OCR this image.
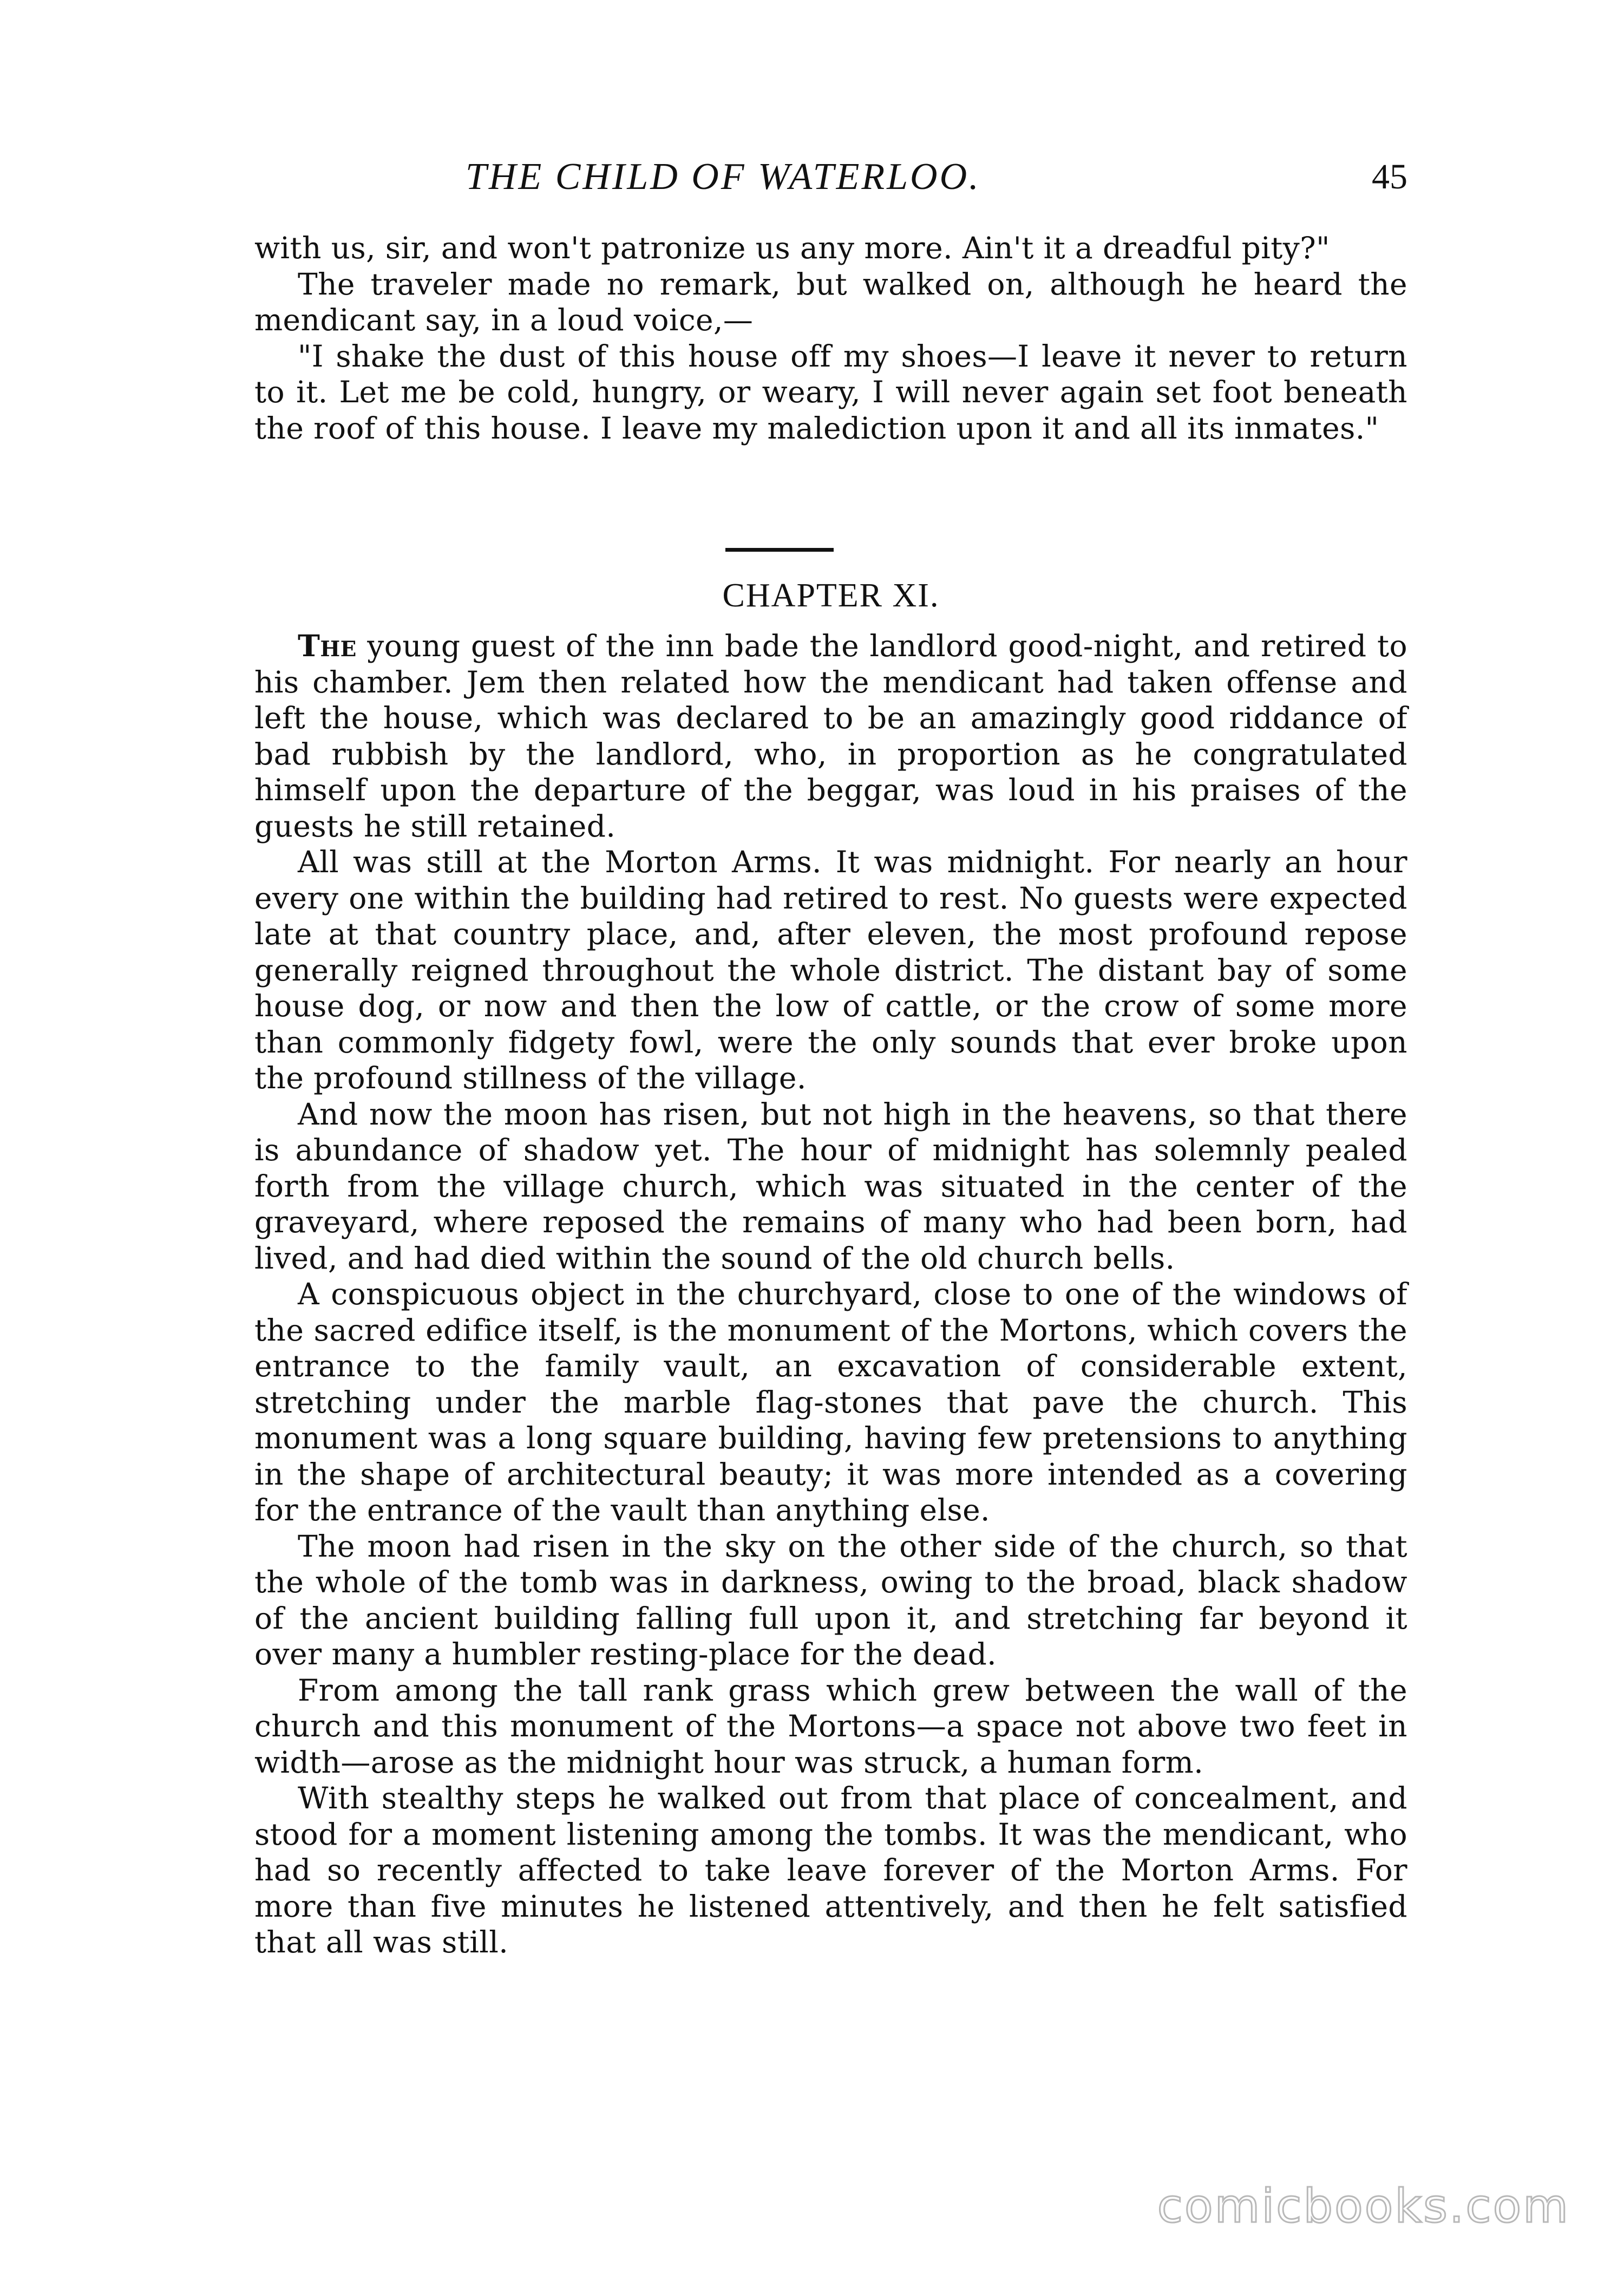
THE CHILD OF WATERLOO.	45

with us, sir, and won't patronize us any more. Ain't it a dreadful pity?"

The traveler made no remark, but walked on, although he heard the mendicant say, in a loud voice,—

"I shake the dust of this house off my shoes—I leave it never to return to it. Let me be cold, hungry, or weary, I will never again set foot beneath the roof of this house. I leave my malediction upon it and all its inmates."

CHAPTER XI.

The young guest of the inn bade the landlord good-night, and retired to his chamber. Jem then related how the mendicant had taken offense and left the house, which was declared to be an amazingly good riddance of bad rubbish by the landlord, who, in proportion as he congratulated himself upon the departure of the beggar, was loud in his praises of the guests he still retained.

All was still at the Morton Arms. It was midnight. For nearly an hour every one within the building had retired to rest. No guests were expected late at that country place, and, after eleven, the most profound repose generally reigned throughout the whole district. The distant bay of some house dog, or now and then the low of cattle, or the crow of some more than commonly fidgety fowl, were the only sounds that ever broke upon the profound stillness of the village.

And now the moon has risen, but not high in the heavens, so that there is abundance of shadow yet. The hour of midnight has solemnly pealed forth from the village church, which was situated in the center of the graveyard, where reposed the remains of many who had been born, had lived, and had died within the sound of the old church bells.

A conspicuous object in the churchyard, close to one of the windows of the sacred edifice itself, is the monument of the Mortons, which covers the entrance to the family vault, an excavation of considerable extent, stretching under the marble flag-stones that pave the church. This monument was a long square building, having few pretensions to anything in the shape of architectural beauty; it was more intended as a covering for the entrance of the vault than anything else.

The moon had risen in the sky on the other side of the church, so that the whole of the tomb was in darkness, owing to the broad, black shadow of the ancient building falling full upon it, and stretching far beyond it over many a humbler resting-place for the dead.

From among the tall rank grass which grew between the wall of the church and this monument of the Mortons—a space not above two feet in width—arose as the midnight hour was struck, a human form.

With stealthy steps he walked out from that place of concealment, and stood for a moment listening among the tombs. It was the mendicant, who had so recently affected to take leave forever of the Morton Arms. For more than five minutes he listened attentively, and then he felt satisfied that all was still.

comicbooks.com
